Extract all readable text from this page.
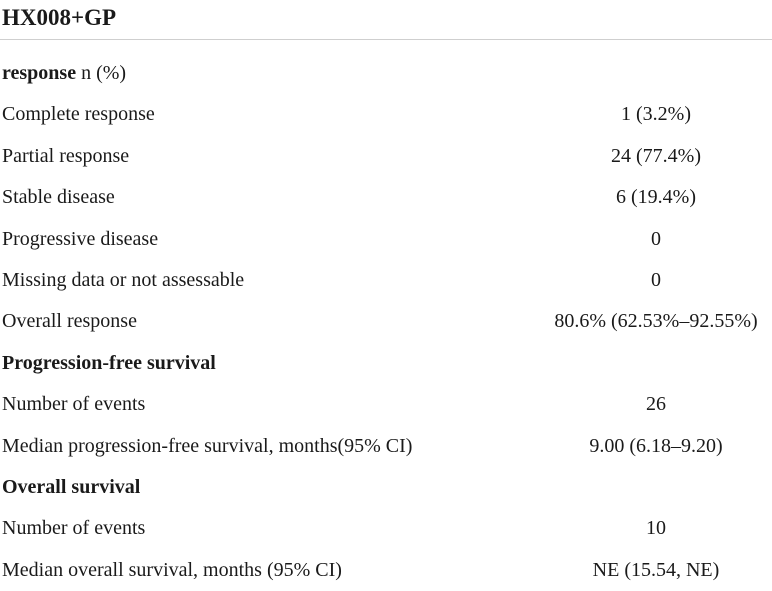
HX008+GP
response n (%)
Complete response	1 (3.2%)
Partial response	24 (77.4%)
Stable disease	6 (19.4%)
Progressive disease	0
Missing data or not assessable	0
Overall response	80.6% (62.53%–92.55%)
Progression-free survival
Number of events	26
Median progression-free survival, months(95% CI)	9.00 (6.18–9.20)
Overall survival
Number of events	10
Median overall survival, months (95% CI)	NE (15.54, NE)
